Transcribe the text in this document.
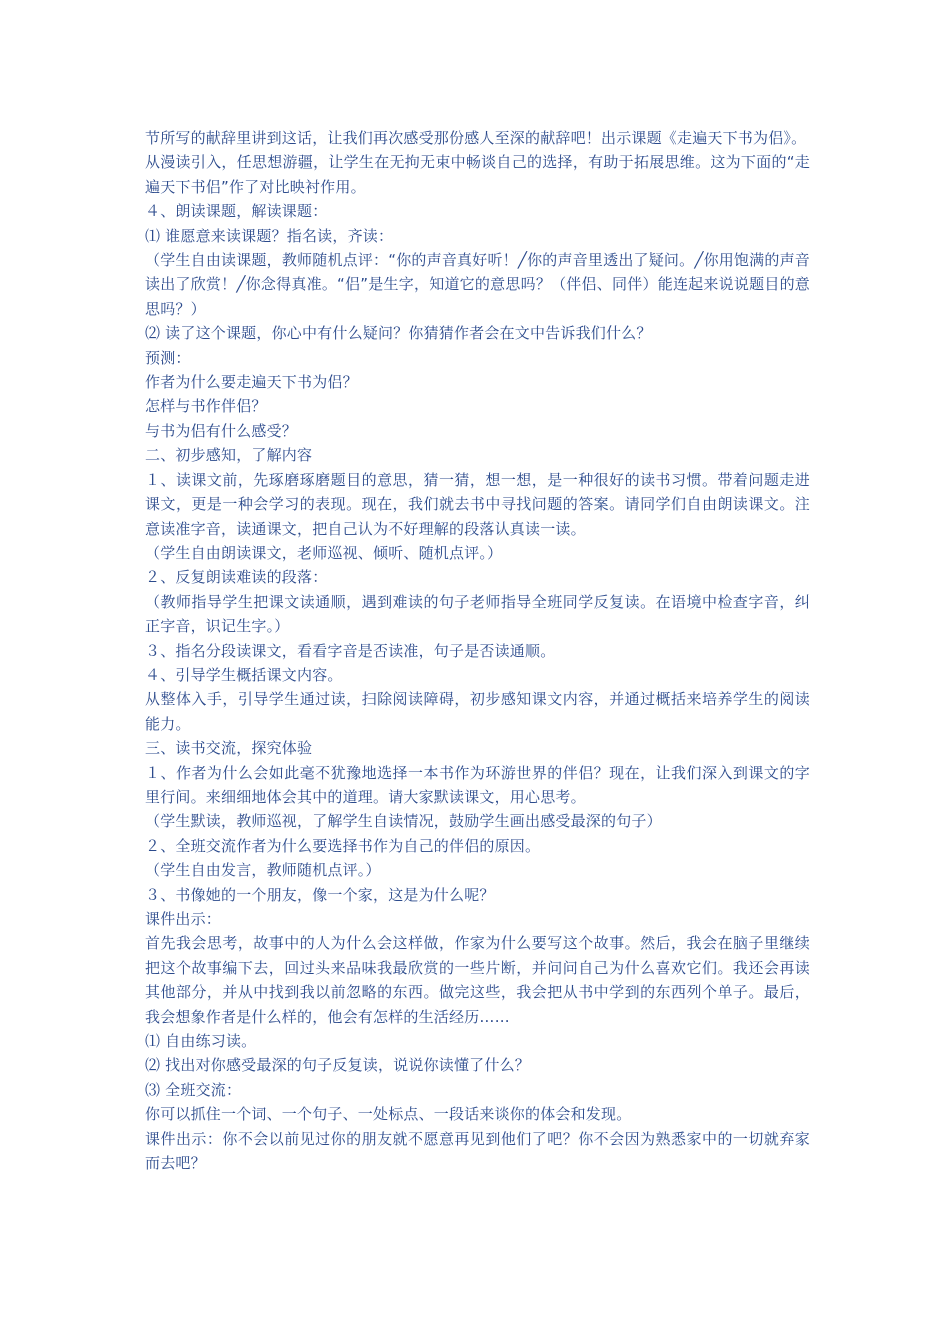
节所写的献辞里讲到这话，让我们再次感受那份感人至深的献辞吧！出示课题《走遍天下书为侣》。

从漫读引入，任思想游疆，让学生在无拘无束中畅谈自己的选择，有助于拓展思维。这为下面的“走遍天下书侣”作了对比映衬作用。

４、朗读课题，解读课题：

⑴ 谁愿意来读课题？指名读，齐读：

（学生自由读课题，教师随机点评：“你的声音真好听！╱你的声音里透出了疑问。╱你用饱满的声音读出了欣赏！╱你念得真准。“侣”是生字，知道它的意思吗？（伴侣、同伴）能连起来说说题目的意思吗？）

⑵ 读了这个课题，你心中有什么疑问？你猜猜作者会在文中告诉我们什么？

预测：

作者为什么要走遍天下书为侣？

怎样与书作伴侣？

与书为侣有什么感受？

二、初步感知，了解内容

１、读课文前，先琢磨琢磨题目的意思，猜一猜，想一想，是一种很好的读书习惯。带着问题走进课文，更是一种会学习的表现。现在，我们就去书中寻找问题的答案。请同学们自由朗读课文。注意读准字音，读通课文，把自己认为不好理解的段落认真读一读。

（学生自由朗读课文，老师巡视、倾听、随机点评。）

２、反复朗读难读的段落：

（教师指导学生把课文读通顺，遇到难读的句子老师指导全班同学反复读。在语境中检查字音，纠正字音，识记生字。）

３、指名分段读课文，看看字音是否读准，句子是否读通顺。

４、引导学生概括课文内容。

从整体入手，引导学生通过读，扫除阅读障碍，初步感知课文内容，并通过概括来培养学生的阅读能力。

三、读书交流，探究体验

１、作者为什么会如此毫不犹豫地选择一本书作为环游世界的伴侣？现在，让我们深入到课文的字里行间。来细细地体会其中的道理。请大家默读课文，用心思考。

（学生默读，教师巡视，了解学生自读情况，鼓励学生画出感受最深的句子）

２、全班交流作者为什么要选择书作为自己的伴侣的原因。

（学生自由发言，教师随机点评。）

３、书像她的一个朋友，像一个家，这是为什么呢？

课件出示：

首先我会思考，故事中的人为什么会这样做，作家为什么要写这个故事。然后，我会在脑子里继续把这个故事编下去，回过头来品味我最欣赏的一些片断，并问问自己为什么喜欢它们。我还会再读其他部分，并从中找到我以前忽略的东西。做完这些，我会把从书中学到的东西列个单子。最后，我会想象作者是什么样的，他会有怎样的生活经历……

⑴ 自由练习读。

⑵ 找出对你感受最深的句子反复读，说说你读懂了什么？

⑶ 全班交流：

你可以抓住一个词、一个句子、一处标点、一段话来谈你的体会和发现。

课件出示：你不会以前见过你的朋友就不愿意再见到他们了吧？你不会因为熟悉家中的一切就弃家而去吧？
